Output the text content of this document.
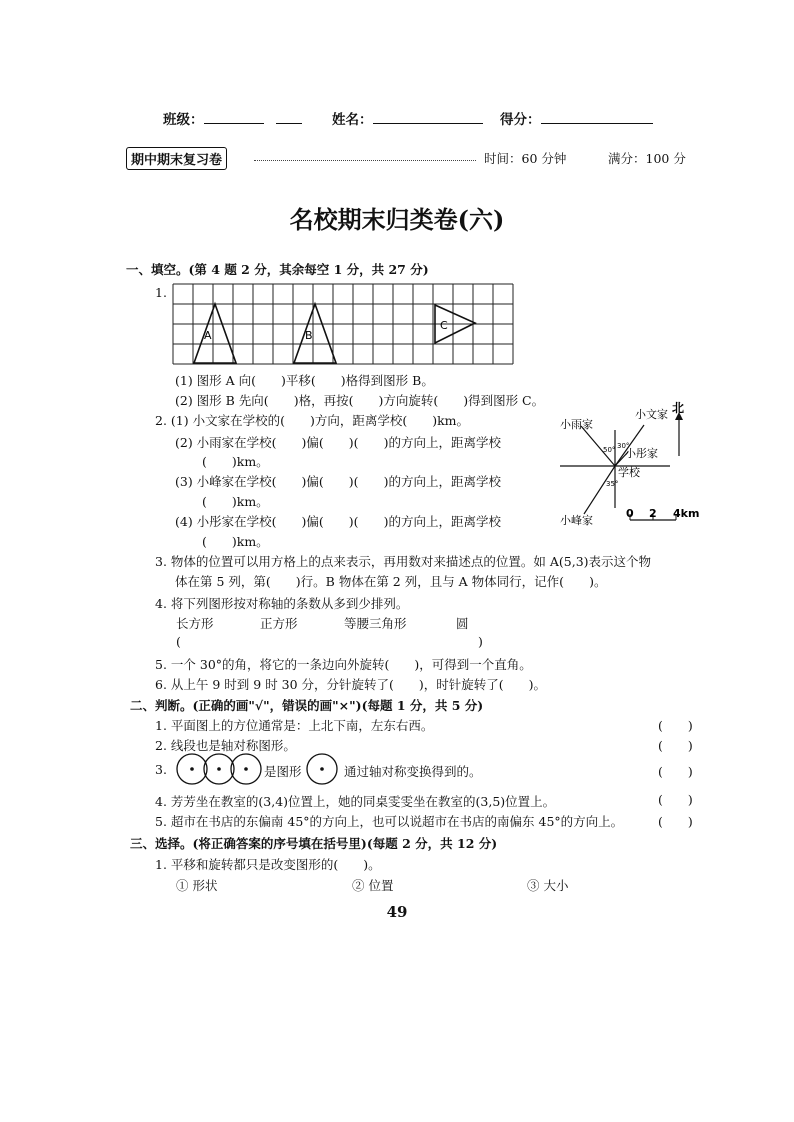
班级：	姓名：	得分：
期中期末复习卷	时间：60 分钟	满分：100 分
名校期末归类卷(六)
一、填空。(第 4 题 2 分，其余每空 1 分，共 27 分)
1.
A	B
C
(1) 图形 A 向(　　)平移(　　)格得到图形 B。
(2) 图形 B 先向(　　)格，再按(　　)方向旋转(　　)得到图形 C。
2. (1) 小文家在学校的(　　)方向，距离学校(　　)km。
(2) 小雨家在学校(　　)偏(　　)(　　)的方向上，距离学校
(　　)km。
(3) 小峰家在学校(　　)偏(　　)(　　)的方向上，距离学校
(　　)km。
(4) 小彤家在学校(　　)偏(　　)(　　)的方向上，距离学校
(　　)km。
北
小文家
小雨家
小彤家
学校
小峰家
50° 30°
35°
0 2 4km
3. 物体的位置可以用方格上的点来表示，再用数对来描述点的位置。如 A(5,3)表示这个物
体在第 5 列，第(　　)行。B 物体在第 2 列，且与 A 物体同行，记作(　　)。
4. 将下列图形按对称轴的条数从多到少排列。
长方形	正方形	等腰三角形	圆
(	)
5. 一个 30°的角，将它的一条边向外旋转(　　)，可得到一个直角。
6. 从上午 9 时到 9 时 30 分，分针旋转了(　　)，时针旋转了(　　)。
二、判断。(正确的画"√"，错误的画"×")(每题 1 分，共 5 分)
1. 平面图上的方位通常是：上北下南，左东右西。	(　　)
2. 线段也是轴对称图形。	(　　)
3.	是图形	通过轴对称变换得到的。	(　　)
4. 芳芳坐在教室的(3,4)位置上，她的同桌雯雯坐在教室的(3,5)位置上。	(　　)
5. 超市在书店的东偏南 45°的方向上，也可以说超市在书店的南偏东 45°的方向上。	(　　)
三、选择。(将正确答案的序号填在括号里)(每题 2 分，共 12 分)
1. 平移和旋转都只是改变图形的(　　)。
① 形状	② 位置	③ 大小
49
